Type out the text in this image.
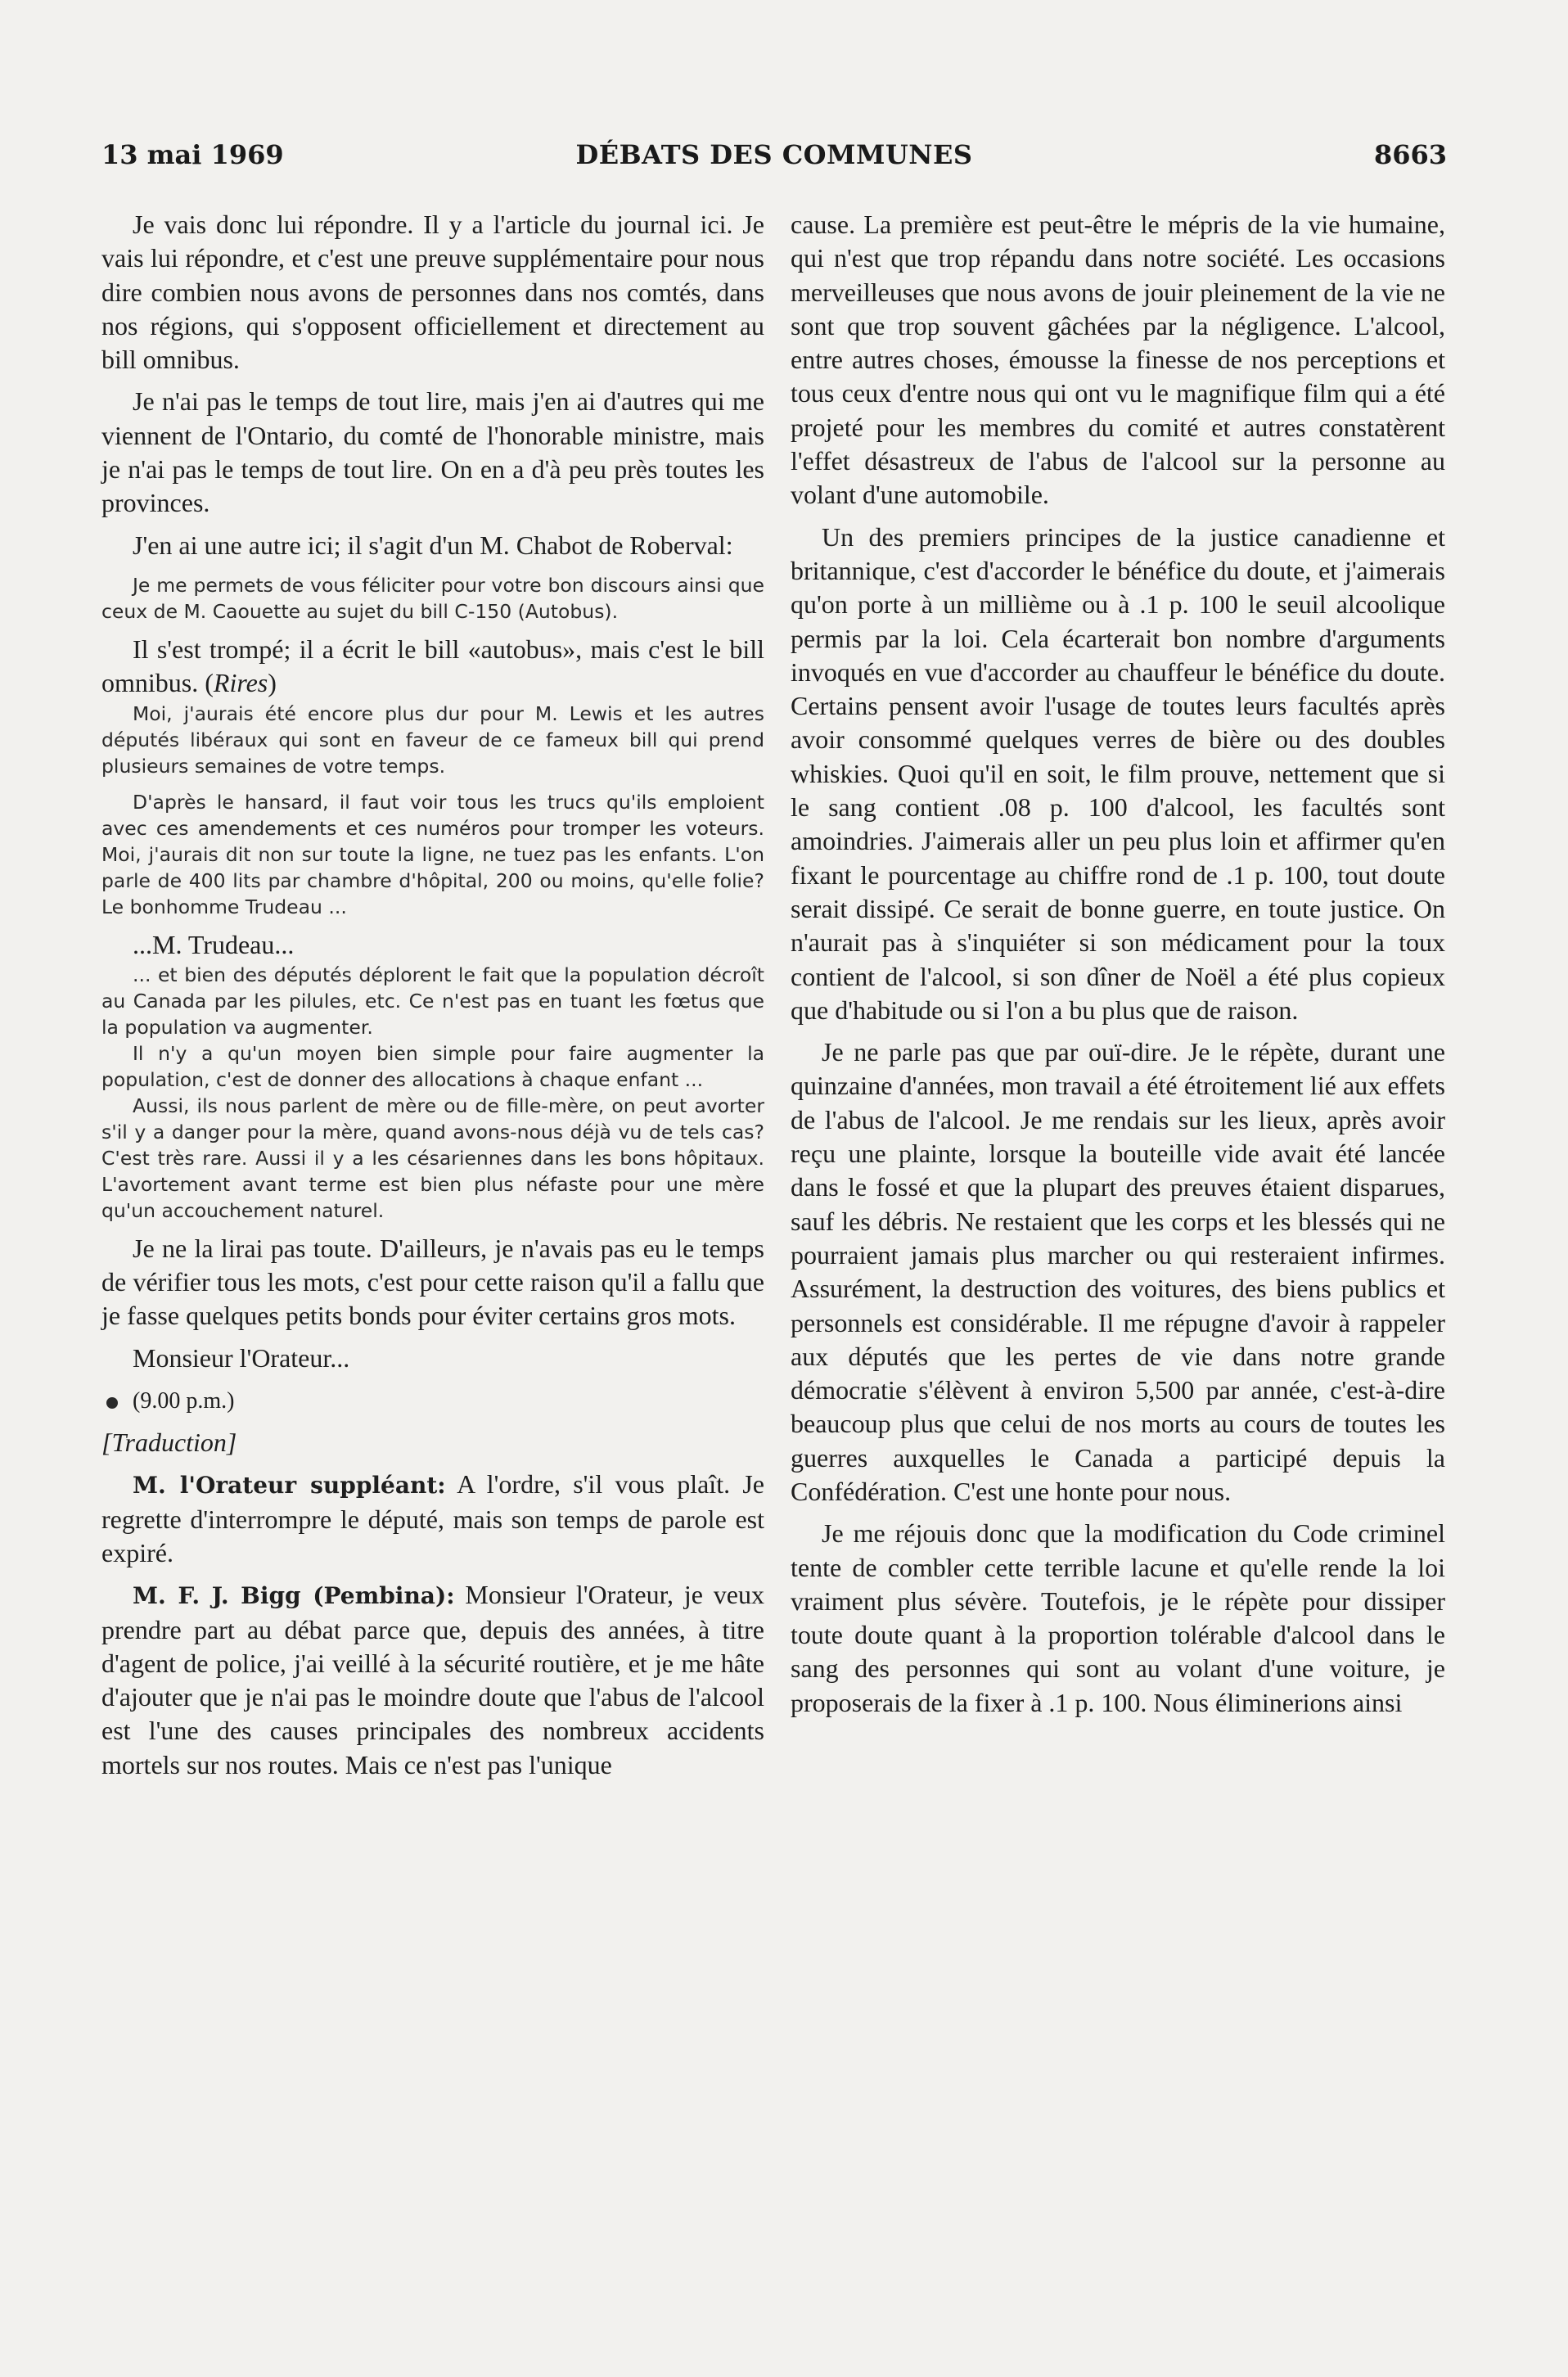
13 mai 1969	DÉBATS DES COMMUNES	8663

Je vais donc lui répondre. Il y a l'article du journal ici. Je vais lui répondre, et c'est une preuve supplémentaire pour nous dire combien nous avons de personnes dans nos comtés, dans nos régions, qui s'opposent officiellement et directement au bill omnibus.

Je n'ai pas le temps de tout lire, mais j'en ai d'autres qui me viennent de l'Ontario, du comté de l'honorable ministre, mais je n'ai pas le temps de tout lire. On en a d'à peu près toutes les provinces.

J'en ai une autre ici; il s'agit d'un M. Chabot de Roberval:

Je me permets de vous féliciter pour votre bon discours ainsi que ceux de M. Caouette au sujet du bill C-150 (Autobus).

Il s'est trompé; il a écrit le bill «autobus», mais c'est le bill omnibus. (Rires)

Moi, j'aurais été encore plus dur pour M. Lewis et les autres députés libéraux qui sont en faveur de ce fameux bill qui prend plusieurs semaines de votre temps.

D'après le hansard, il faut voir tous les trucs qu'ils emploient avec ces amendements et ces numéros pour tromper les voteurs. Moi, j'aurais dit non sur toute la ligne, ne tuez pas les enfants. L'on parle de 400 lits par chambre d'hôpital, 200 ou moins, qu'elle folie? Le bonhomme Trudeau ...

...M. Trudeau...

... et bien des députés déplorent le fait que la population décroît au Canada par les pilules, etc. Ce n'est pas en tuant les fœtus que la population va augmenter.

Il n'y a qu'un moyen bien simple pour faire augmenter la population, c'est de donner des allocations à chaque enfant ...

Aussi, ils nous parlent de mère ou de fille-mère, on peut avorter s'il y a danger pour la mère, quand avons-nous déjà vu de tels cas? C'est très rare. Aussi il y a les césariennes dans les bons hôpitaux. L'avortement avant terme est bien plus néfaste pour une mère qu'un accouchement naturel.

Je ne la lirai pas toute. D'ailleurs, je n'avais pas eu le temps de vérifier tous les mots, c'est pour cette raison qu'il a fallu que je fasse quelques petits bonds pour éviter certains gros mots.

Monsieur l'Orateur...

(9.00 p.m.)
[Traduction]

M. l'Orateur suppléant: A l'ordre, s'il vous plaît. Je regrette d'interrompre le député, mais son temps de parole est expiré.

M. F. J. Bigg (Pembina): Monsieur l'Orateur, je veux prendre part au débat parce que, depuis des années, à titre d'agent de police, j'ai veillé à la sécurité routière, et je me hâte d'ajouter que je n'ai pas le moindre doute que l'abus de l'alcool est l'une des causes principales des nombreux accidents mortels sur nos routes. Mais ce n'est pas l'unique

cause. La première est peut-être le mépris de la vie humaine, qui n'est que trop répandu dans notre société. Les occasions merveilleuses que nous avons de jouir pleinement de la vie ne sont que trop souvent gâchées par la négligence. L'alcool, entre autres choses, émousse la finesse de nos perceptions et tous ceux d'entre nous qui ont vu le magnifique film qui a été projeté pour les membres du comité et autres constatèrent l'effet désastreux de l'abus de l'alcool sur la personne au volant d'une automobile.

Un des premiers principes de la justice canadienne et britannique, c'est d'accorder le bénéfice du doute, et j'aimerais qu'on porte à un millième ou à .1 p. 100 le seuil alcoolique permis par la loi. Cela écarterait bon nombre d'arguments invoqués en vue d'accorder au chauffeur le bénéfice du doute. Certains pensent avoir l'usage de toutes leurs facultés après avoir consommé quelques verres de bière ou des doubles whiskies. Quoi qu'il en soit, le film prouve, nettement que si le sang contient .08 p. 100 d'alcool, les facultés sont amoindries. J'aimerais aller un peu plus loin et affirmer qu'en fixant le pourcentage au chiffre rond de .1 p. 100, tout doute serait dissipé. Ce serait de bonne guerre, en toute justice. On n'aurait pas à s'inquiéter si son médicament pour la toux contient de l'alcool, si son dîner de Noël a été plus copieux que d'habitude ou si l'on a bu plus que de raison.

Je ne parle pas que par ouï-dire. Je le répète, durant une quinzaine d'années, mon travail a été étroitement lié aux effets de l'abus de l'alcool. Je me rendais sur les lieux, après avoir reçu une plainte, lorsque la bouteille vide avait été lancée dans le fossé et que la plupart des preuves étaient disparues, sauf les débris. Ne restaient que les corps et les blessés qui ne pourraient jamais plus marcher ou qui resteraient infirmes. Assurément, la destruction des voitures, des biens publics et personnels est considérable. Il me répugne d'avoir à rappeler aux députés que les pertes de vie dans notre grande démocratie s'élèvent à environ 5,500 par année, c'est-à-dire beaucoup plus que celui de nos morts au cours de toutes les guerres auxquelles le Canada a participé depuis la Confédération. C'est une honte pour nous.

Je me réjouis donc que la modification du Code criminel tente de combler cette terrible lacune et qu'elle rende la loi vraiment plus sévère. Toutefois, je le répète pour dissiper toute doute quant à la proportion tolérable d'alcool dans le sang des personnes qui sont au volant d'une voiture, je proposerais de la fixer à .1 p. 100. Nous éliminerions ainsi
